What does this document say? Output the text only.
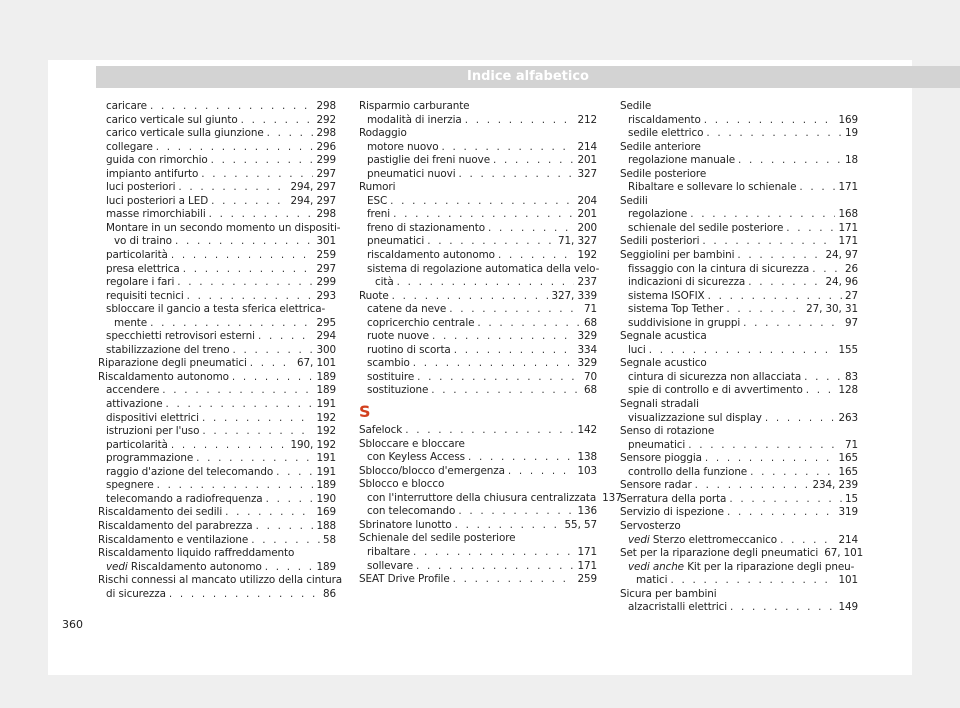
Indice alfabetico
caricare . . .	298
carico verticale sul giunto . . .	292
carico verticale sulla giunzione . . .	298
collegare . . .	296
guida con rimorchio . . .	299
impianto antifurto . . .	297
luci posteriori . . .	294, 297
luci posteriori a LED . . .	294, 297
masse rimorchiabili . . .	298
Montare in un secondo momento un dispositi-
vo di traino . . .	301
particolarità . . .	259
presa elettrica . . .	297
regolare i fari . . .	299
requisiti tecnici . . .	293
sbloccare il gancio a testa sferica elettrica-
mente . . .	295
specchietti retrovisori esterni . . .	294
stabilizzazione del treno . . .	300
Riparazione degli pneumatici . . .	67, 101
Riscaldamento autonomo . . .	189
accendere . . .	189
attivazione . . .	191
dispositivi elettrici . . .	192
istruzioni per l'uso . . .	192
particolarità . . .	190, 192
programmazione . . .	191
raggio d'azione del telecomando . . .	191
spegnere . . .	189
telecomando a radiofrequenza . . .	190
Riscaldamento dei sedili . . .	169
Riscaldamento del parabrezza . . .	188
Riscaldamento e ventilazione . . .	58
Riscaldamento liquido raffreddamento
vedi Riscaldamento autonomo . . .	189
Rischi connessi al mancato utilizzo della cintura
di sicurezza . . .	86
Risparmio carburante
modalità di inerzia . . .	212
Rodaggio
motore nuovo . . .	214
pastiglie dei freni nuove . . .	201
pneumatici nuovi . . .	327
Rumori
ESC . . .	204
freni . . .	201
freno di stazionamento . . .	200
pneumatici . . .	71, 327
riscaldamento autonomo . . .	192
sistema di regolazione automatica della velo-
cità . . .	237
Ruote . . .	327, 339
catene da neve . . .	71
copricerchio centrale . . .	68
ruote nuove . . .	329
ruotino di scorta . . .	334
scambio . . .	329
sostituire . . .	70
sostituzione . . .	68
S
Safelock . . .	142
Sbloccare e bloccare
con Keyless Access . . .	138
Sblocco/blocco d'emergenza . . .	103
Sblocco e blocco
con l'interruttore della chiusura centralizzata 137
con telecomando . . .	136
Sbrinatore lunotto . . .	55, 57
Schienale del sedile posteriore
ribaltare . . .	171
sollevare . . .	171
SEAT Drive Profile . . .	259
Sedile
riscaldamento . . .	169
sedile elettrico . . .	19
Sedile anteriore
regolazione manuale . . .	18
Sedile posteriore
Ribaltare e sollevare lo schienale . . .	171
Sedili
regolazione . . .	168
schienale del sedile posteriore . . .	171
Sedili posteriori . . .	171
Seggiolini per bambini . . .	24, 97
fissaggio con la cintura di sicurezza . . .	26
indicazioni di sicurezza . . .	24, 96
sistema ISOFIX . . .	27
sistema Top Tether . . .	27, 30, 31
suddivisione in gruppi . . .	97
Segnale acustica
luci . . .	155
Segnale acustico
cintura di sicurezza non allacciata . . .	83
spie di controllo e di avvertimento . . .	128
Segnali stradali
visualizzazione sul display . . .	263
Senso di rotazione
pneumatici . . .	71
Sensore pioggia . . .	165
controllo della funzione . . .	165
Sensore radar . . .	234, 239
Serratura della porta . . .	15
Servizio di ispezione . . .	319
Servosterzo
vedi Sterzo elettromeccanico . . .	214
Set per la riparazione degli pneumatici 67, 101
vedi anche Kit per la riparazione degli pneu-
matici . . .	101
Sicura per bambini
alzacristalli elettrici . . .	149
360
